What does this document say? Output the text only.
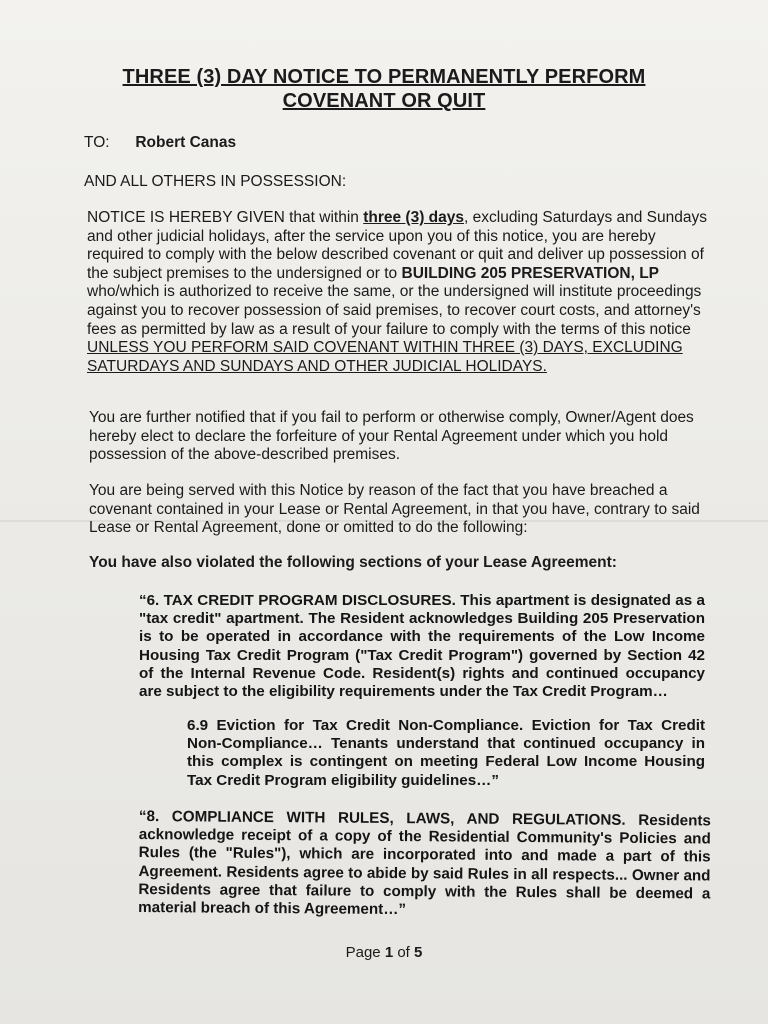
THREE (3) DAY NOTICE TO PERMANENTLY PERFORM
COVENANT OR QUIT
TO: Robert Canas
AND ALL OTHERS IN POSSESSION:
NOTICE IS HEREBY GIVEN that within three (3) days, excluding Saturdays and Sundays and other judicial holidays, after the service upon you of this notice, you are hereby required to comply with the below described covenant or quit and deliver up possession of the subject premises to the undersigned or to BUILDING 205 PRESERVATION, LP who/which is authorized to receive the same, or the undersigned will institute proceedings against you to recover possession of said premises, to recover court costs, and attorney's fees as permitted by law as a result of your failure to comply with the terms of this notice UNLESS YOU PERFORM SAID COVENANT WITHIN THREE (3) DAYS, EXCLUDING SATURDAYS AND SUNDAYS AND OTHER JUDICIAL HOLIDAYS.
You are further notified that if you fail to perform or otherwise comply, Owner/Agent does hereby elect to declare the forfeiture of your Rental Agreement under which you hold possession of the above-described premises.
You are being served with this Notice by reason of the fact that you have breached a covenant contained in your Lease or Rental Agreement, in that you have, contrary to said Lease or Rental Agreement, done or omitted to do the following:
You have also violated the following sections of your Lease Agreement:
“6. TAX CREDIT PROGRAM DISCLOSURES. This apartment is designated as a "tax credit" apartment. The Resident acknowledges Building 205 Preservation is to be operated in accordance with the requirements of the Low Income Housing Tax Credit Program ("Tax Credit Program") governed by Section 42 of the Internal Revenue Code. Resident(s) rights and continued occupancy are subject to the eligibility requirements under the Tax Credit Program…
6.9 Eviction for Tax Credit Non-Compliance. Eviction for Tax Credit Non-Compliance… Tenants understand that continued occupancy in this complex is contingent on meeting Federal Low Income Housing Tax Credit Program eligibility guidelines…”
“8. COMPLIANCE WITH RULES, LAWS, AND REGULATIONS. Residents acknowledge receipt of a copy of the Residential Community's Policies and Rules (the "Rules"), which are incorporated into and made a part of this Agreement. Residents agree to abide by said Rules in all respects... Owner and Residents agree that failure to comply with the Rules shall be deemed a material breach of this Agreement…”
Page 1 of 5
